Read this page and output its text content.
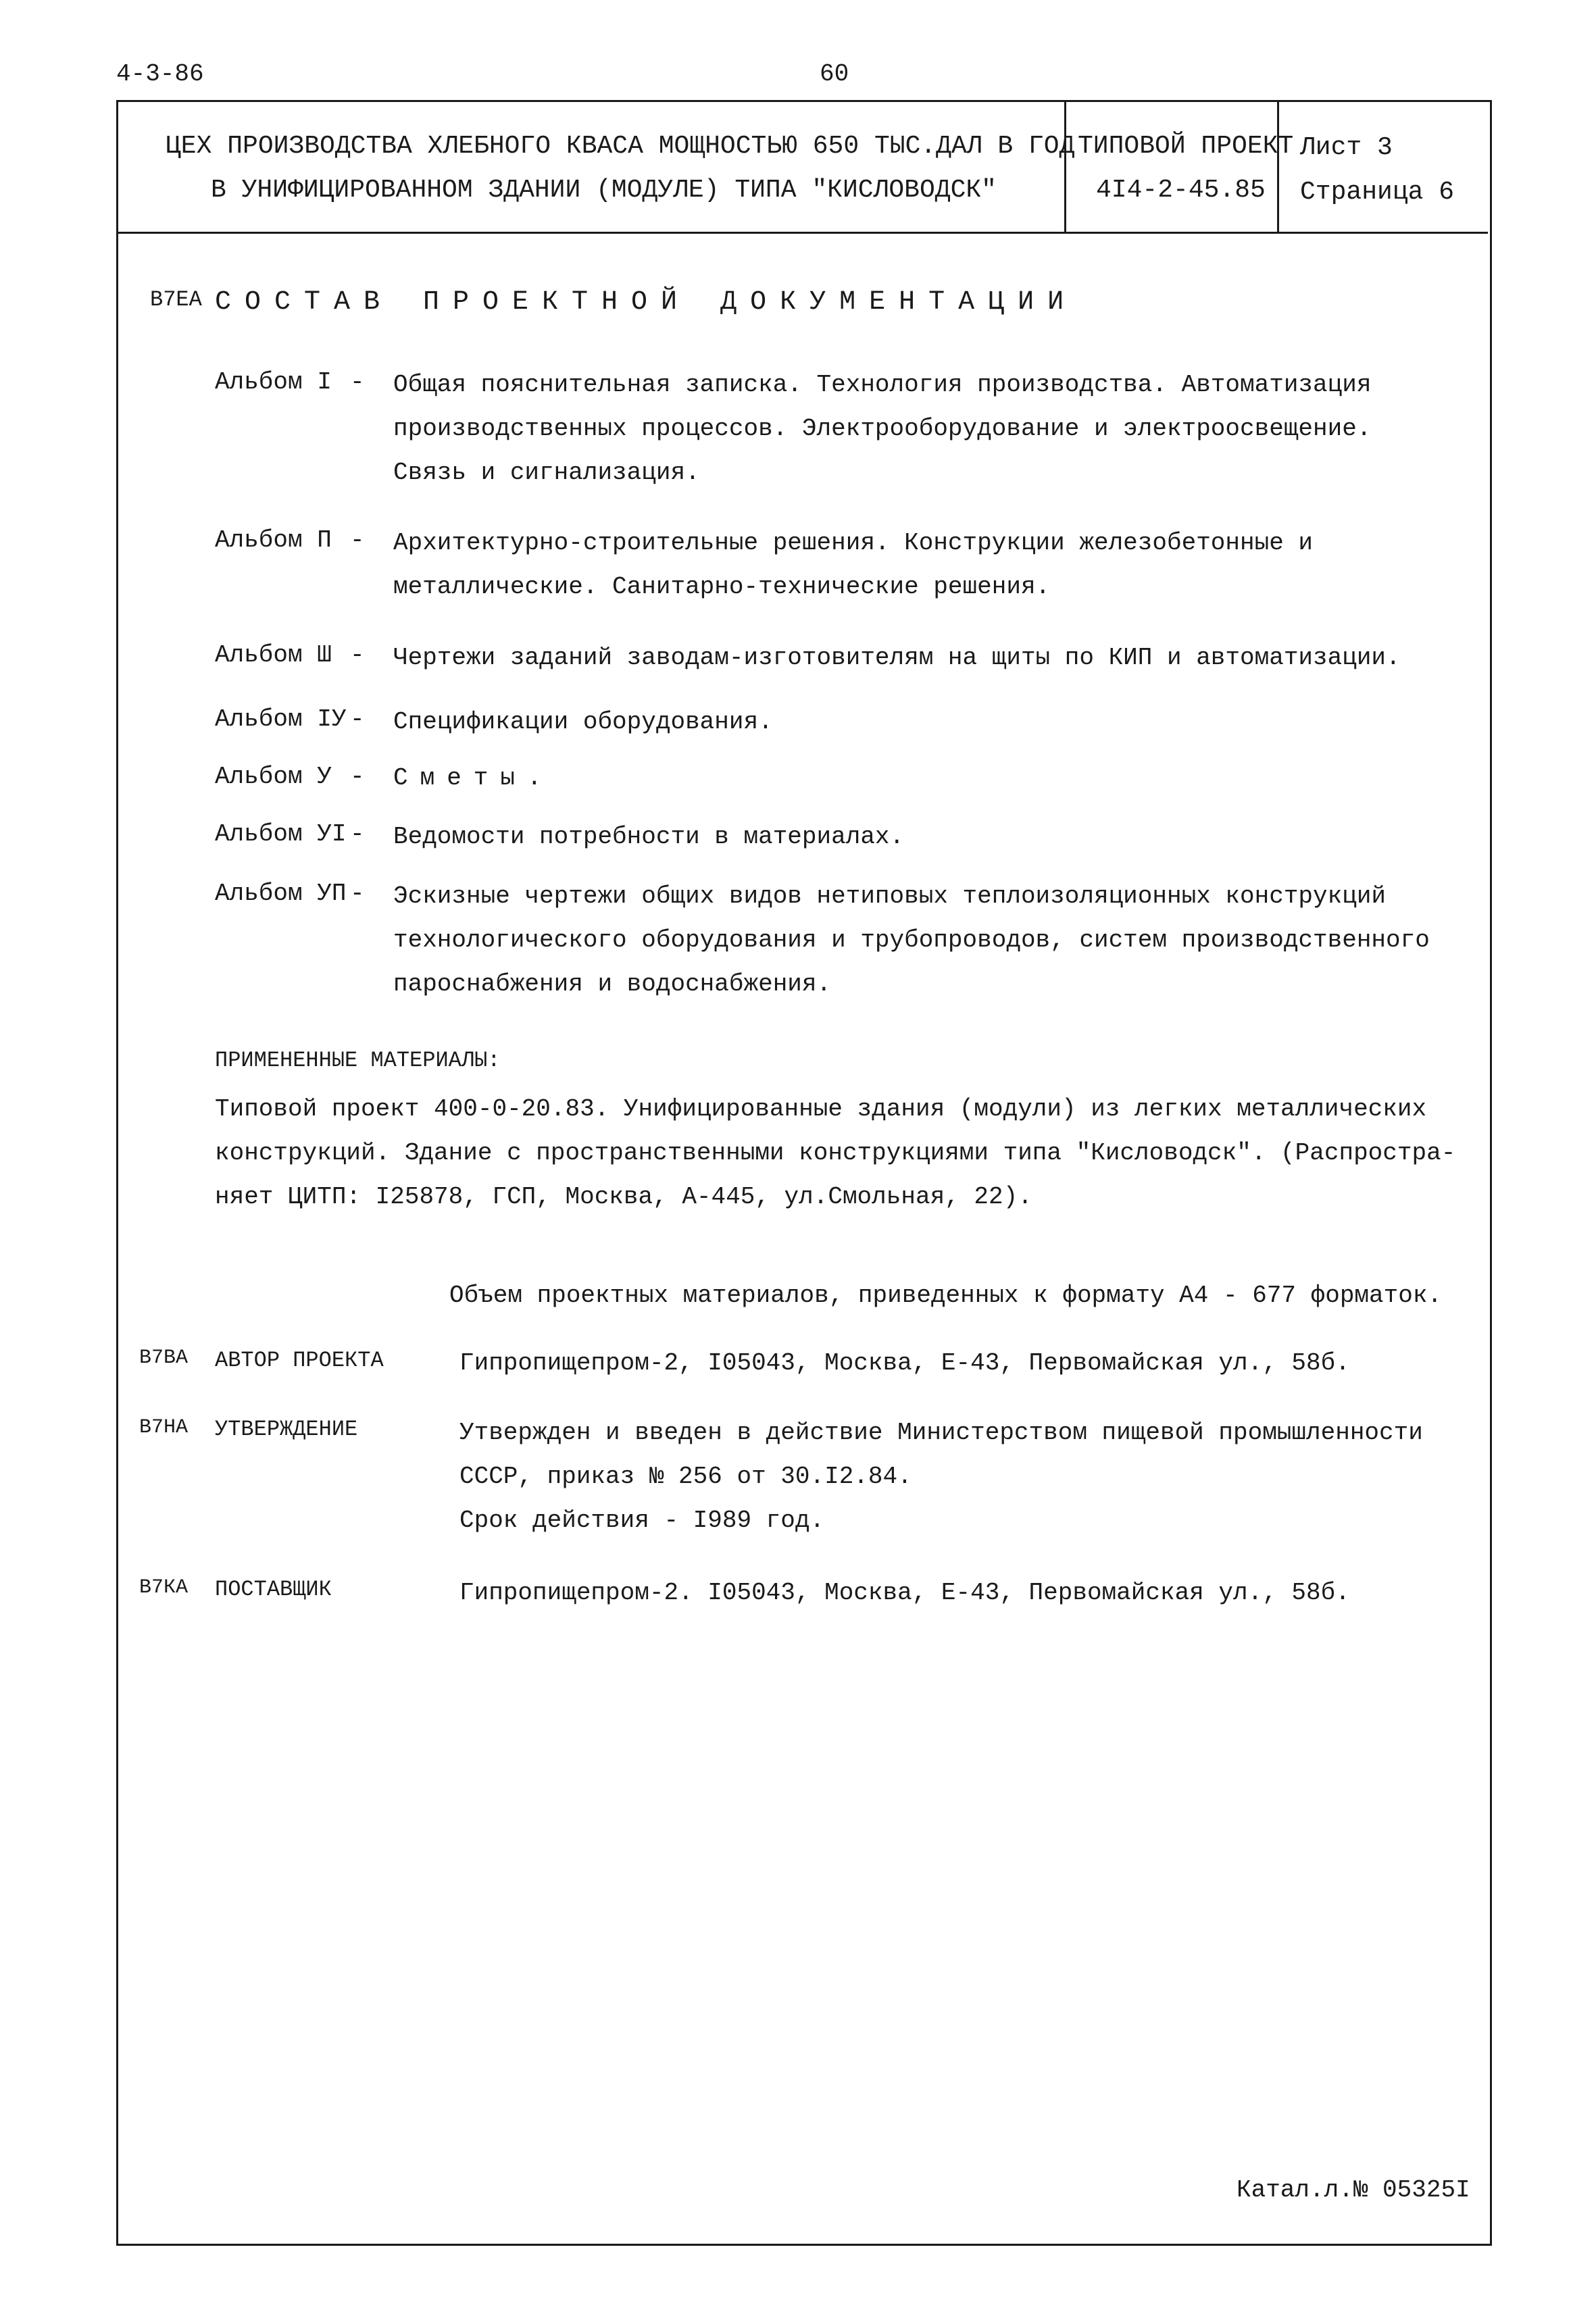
4-3-86	60
ЦЕХ ПРОИЗВОДСТВА ХЛЕБНОГО КВАСА МОЩНОСТЬЮ 650 ТЫС.ДАЛ В ГОД
В УНИФИЦИРОВАННОМ ЗДАНИИ (МОДУЛЕ) ТИПА "КИСЛОВОДСК"
ТИПОВОЙ ПРОЕКТ
4I4-2-45.85
Лист 3
Страница 6
В7ЕА СОСТАВ ПРОЕКТНОЙ ДОКУМЕНТАЦИИ
Альбом I - Общая пояснительная записка. Технология производства. Автоматизация
производственных процессов. Электрооборудование и электроосвещение.
Связь и сигнализация.
Альбом П - Архитектурно-строительные решения. Конструкции железобетонные и
металлические. Санитарно-технические решения.
Альбом Ш - Чертежи заданий заводам-изготовителям на щиты по КИП и автоматизации.
Альбом IУ - Спецификации оборудования.
Альбом У - Сметы.
Альбом УI - Ведомости потребности в материалах.
Альбом УП - Эскизные чертежи общих видов нетиповых теплоизоляционных конструкций
технологического оборудования и трубопроводов, систем производственного
пароснабжения и водоснабжения.
ПРИМЕНЕННЫЕ МАТЕРИАЛЫ:
Типовой проект 400-0-20.83. Унифицированные здания (модули) из легких металлических
конструкций. Здание с пространственными конструкциями типа "Кисловодск". (Распростра-
няет ЦИТП: I25878, ГСП, Москва, А-445, ул.Смольная, 22).
Объем проектных материалов, приведенных к формату А4 - 677 форматок.
В7ВА АВТОР ПРОЕКТА	Гипропищепром-2, I05043, Москва, Е-43, Первомайская ул., 58б.
В7НА УТВЕРЖДЕНИЕ	Утвержден и введен в действие Министерством пищевой промышленности
СССР, приказ № 256 от 30.I2.84.
Срок действия - I989 год.
В7КА ПОСТАВЩИК	Гипропищепром-2. I05043, Москва, Е-43, Первомайская ул., 58б.
Катал.л.№ 05325I
